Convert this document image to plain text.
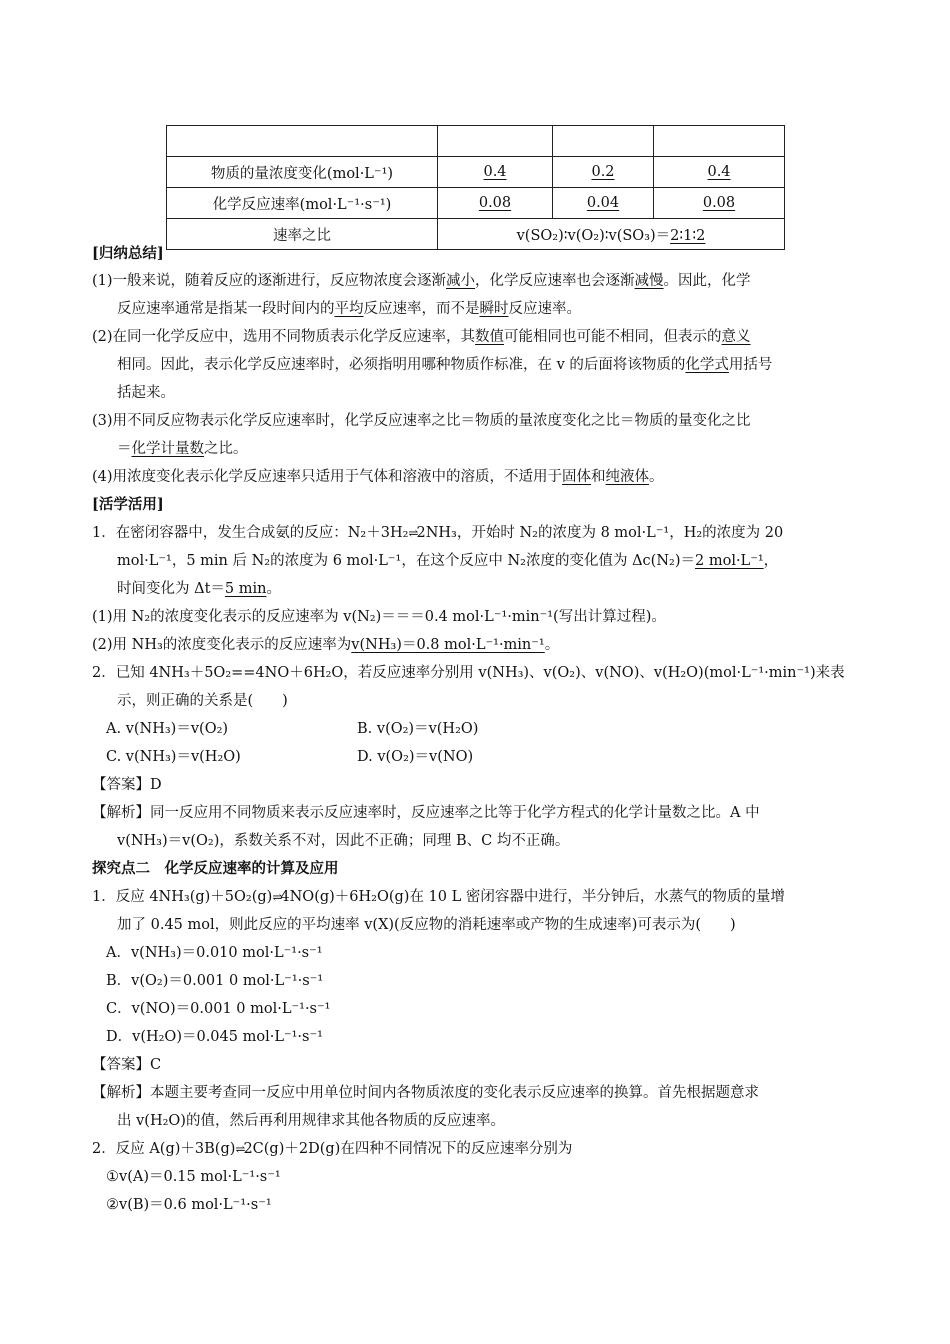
物质的量浓度变化(mol·L⁻¹)	0.4	0.2	0.4
化学反应速率(mol·L⁻¹·s⁻¹)	0.08	0.04	0.08
速率之比	v(SO₂)∶v(O₂)∶v(SO₃)＝2∶1∶2		
[归纳总结]
(1)一般来说，随着反应的逐渐进行，反应物浓度会逐渐减小，化学反应速率也会逐渐减慢。因此，化学
反应速率通常是指某一段时间内的平均反应速率，而不是瞬时反应速率。
(2)在同一化学反应中，选用不同物质表示化学反应速率，其数值可能相同也可能不相同，但表示的意义
相同。因此，表示化学反应速率时，必须指明用哪种物质作标准，在 v 的后面将该物质的化学式用括号
括起来。
(3)用不同反应物表示化学反应速率时，化学反应速率之比＝物质的量浓度变化之比＝物质的量变化之比
＝化学计量数之比。
(4)用浓度变化表示化学反应速率只适用于气体和溶液中的溶质，不适用于固体和纯液体。
[活学活用]
1．在密闭容器中，发生合成氨的反应：N₂＋3H₂⇌2NH₃，开始时 N₂的浓度为 8 mol·L⁻¹，H₂的浓度为 20
mol·L⁻¹，5 min 后 N₂的浓度为 6 mol·L⁻¹，在这个反应中 N₂浓度的变化值为 Δc(N₂)＝2 mol·L⁻¹，
时间变化为 Δt＝5 min。
(1)用 N₂的浓度变化表示的反应速率为 v(N₂)＝＝＝0.4 mol·L⁻¹·min⁻¹(写出计算过程)。
(2)用 NH₃的浓度变化表示的反应速率为v(NH₃)＝0.8 mol·L⁻¹·min⁻¹。
2．已知 4NH₃＋5O₂==4NO＋6H₂O，若反应速率分别用 v(NH₃)、v(O₂)、v(NO)、v(H₂O)(mol·L⁻¹·min⁻¹)来表
示，则正确的关系是(　　)
A. v(NH₃)＝v(O₂)	B. v(O₂)＝v(H₂O)
C. v(NH₃)＝v(H₂O)	D. v(O₂)＝v(NO)
【答案】D
【解析】同一反应用不同物质来表示反应速率时，反应速率之比等于化学方程式的化学计量数之比。A 中
v(NH₃)＝v(O₂)，系数关系不对，因此不正确；同理 B、C 均不正确。
探究点二　化学反应速率的计算及应用
1．反应 4NH₃(g)＋5O₂(g)⇌4NO(g)＋6H₂O(g)在 10 L 密闭容器中进行，半分钟后，水蒸气的物质的量增
加了 0.45 mol，则此反应的平均速率 v(X)(反应物的消耗速率或产物的生成速率)可表示为(　　)
A．v(NH₃)＝0.010 mol·L⁻¹·s⁻¹
B．v(O₂)＝0.001 0 mol·L⁻¹·s⁻¹
C．v(NO)＝0.001 0 mol·L⁻¹·s⁻¹
D．v(H₂O)＝0.045 mol·L⁻¹·s⁻¹
【答案】C
【解析】本题主要考查同一反应中用单位时间内各物质浓度的变化表示反应速率的换算。首先根据题意求
出 v(H₂O)的值，然后再利用规律求其他各物质的反应速率。
2．反应 A(g)＋3B(g)⇌2C(g)＋2D(g)在四种不同情况下的反应速率分别为
①v(A)＝0.15 mol·L⁻¹·s⁻¹
②v(B)＝0.6 mol·L⁻¹·s⁻¹
